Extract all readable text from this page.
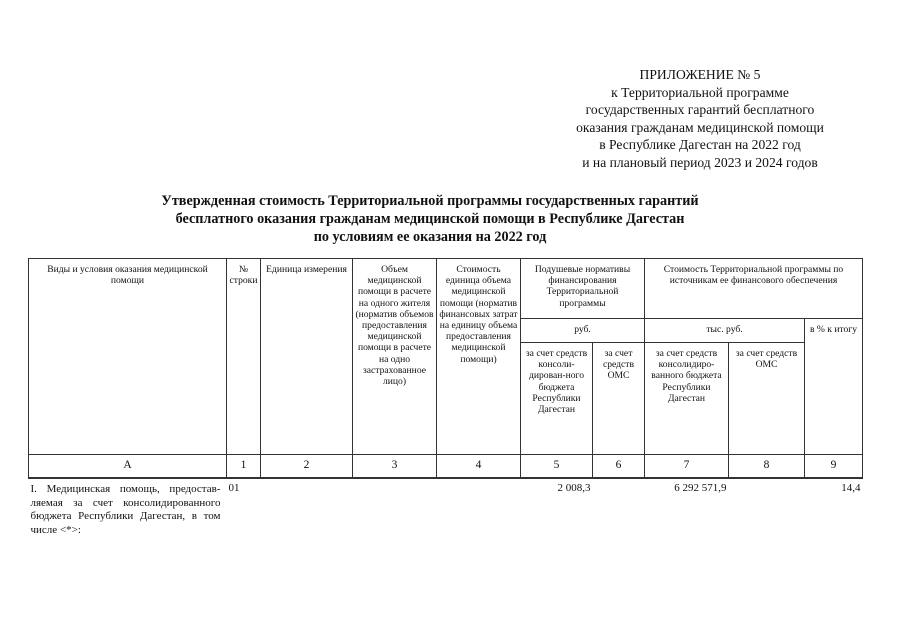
ПРИЛОЖЕНИЕ № 5
к Территориальной программе
государственных гарантий бесплатного
оказания гражданам медицинской помощи
в Республике Дагестан на 2022 год
и на плановый период 2023 и 2024 годов
Утвержденная стоимость Территориальной программы государственных гарантий
бесплатного оказания гражданам медицинской помощи в Республике Дагестан
по условиям ее оказания на 2022 год
Виды и условия оказания медицинской помощи	№ строки	Единица измерения	Объем медицинской помощи в расчете на одного жителя (норматив объемов предоставления медицинской помощи в расчете на одно застрахованное лицо)	Стоимость единица объема медицинской помощи (норматив финансовых затрат на единицу объема предоставления медицинской помощи)	Подушевые нормативы финансирования Территориальной программы		Стоимость Территориальной программы по источникам ее финансового обеспечения		
					руб.		тыс. руб.		в % к итогу
					за счет средств консоли-дирован-ного бюджета Республики Дагестан	за счет средств ОМС	за счет средств консолидиро-ванного бюджета Республики Дагестан	за счет средств ОМС	
А	1	2	3	4	5	6	7	8	9
I. Медицинская помощь, предостав-ляемая за счет консолидированного бюджета Республики Дагестан, в том числе <*>:	01				2 008,3		6 292 571,9		14,4
